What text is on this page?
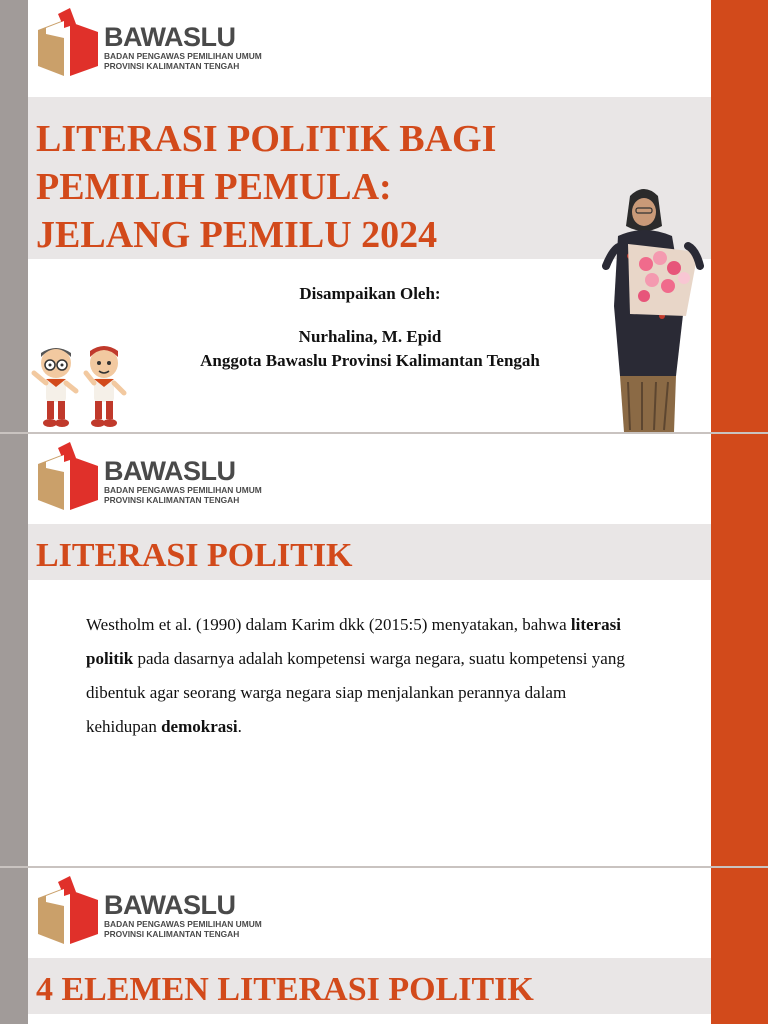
BAWASLU
BADAN PENGAWAS PEMILIHAN UMUM
PROVINSI KALIMANTAN TENGAH
LITERASI POLITIK BAGI
PEMILIH PEMULA:
JELANG PEMILU 2024
Disampaikan Oleh:
Nurhalina, M. Epid
Anggota Bawaslu Provinsi Kalimantan Tengah
BAWASLU
BADAN PENGAWAS PEMILIHAN UMUM
PROVINSI KALIMANTAN TENGAH
LITERASI POLITIK
Westholm et al. (1990) dalam Karim dkk (2015:5) menyatakan, bahwa literasi politik pada dasarnya adalah kompetensi warga negara, suatu kompetensi yang dibentuk agar seorang warga negara siap menjalankan perannya dalam kehidupan demokrasi.
BAWASLU
BADAN PENGAWAS PEMILIHAN UMUM
PROVINSI KALIMANTAN TENGAH
4 ELEMEN LITERASI POLITIK
